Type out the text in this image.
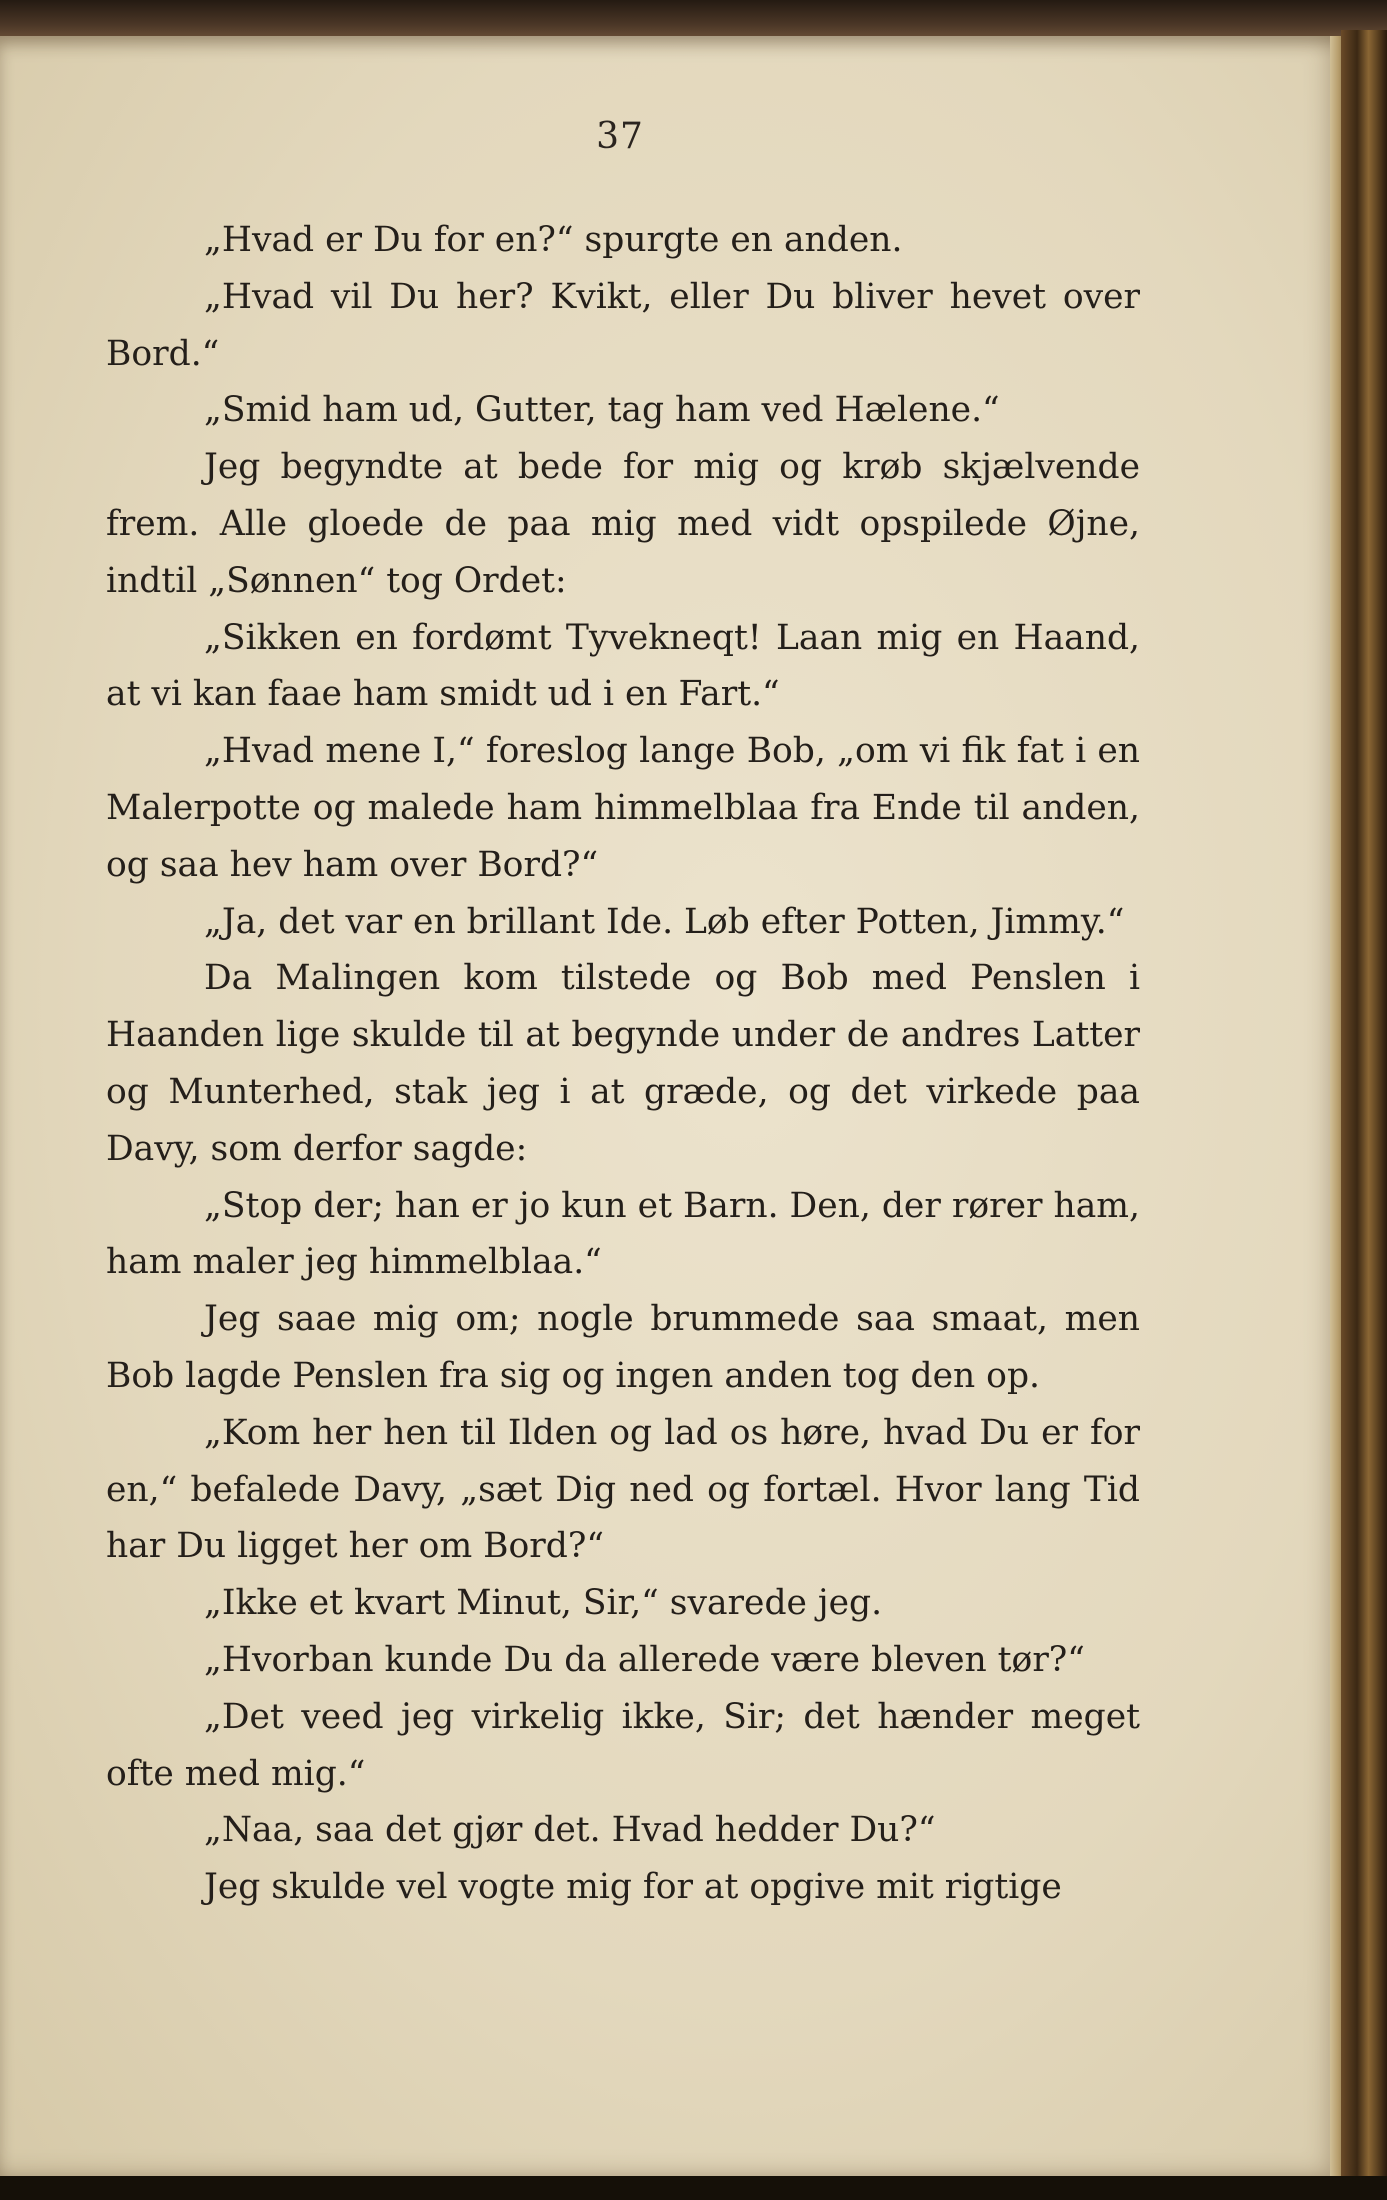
37

„Hvad er Du for en?“ spurgte en anden.

„Hvad vil Du her? Kvikt, eller Du bliver hevet over Bord.“

„Smid ham ud, Gutter, tag ham ved Hælene.“

Jeg begyndte at bede for mig og krøb skjælvende frem. Alle gloede de paa mig med vidt opspilede Øjne, indtil „Sønnen“ tog Ordet:

„Sikken en fordømt Tyvekneqt! Laan mig en Haand, at vi kan faae ham smidt ud i en Fart.“

„Hvad mene I,“ foreslog lange Bob, „om vi fik fat i en Malerpotte og malede ham himmelblaa fra Ende til anden, og saa hev ham over Bord?“

„Ja, det var en brillant Ide. Løb efter Potten, Jimmy.“

Da Malingen kom tilstede og Bob med Penslen i Haanden lige skulde til at begynde under de andres Latter og Munterhed, stak jeg i at græde, og det virkede paa Davy, som derfor sagde:

„Stop der; han er jo kun et Barn. Den, der rører ham, ham maler jeg himmelblaa.“

Jeg saae mig om; nogle brummede saa smaat, men Bob lagde Penslen fra sig og ingen anden tog den op.

„Kom her hen til Ilden og lad os høre, hvad Du er for en,“ befalede Davy, „sæt Dig ned og fortæl. Hvor lang Tid har Du ligget her om Bord?“

„Ikke et kvart Minut, Sir,“ svarede jeg.

„Hvorban kunde Du da allerede være bleven tør?“

„Det veed jeg virkelig ikke, Sir; det hænder meget ofte med mig.“

„Naa, saa det gjør det. Hvad hedder Du?“

Jeg skulde vel vogte mig for at opgive mit rigtige
